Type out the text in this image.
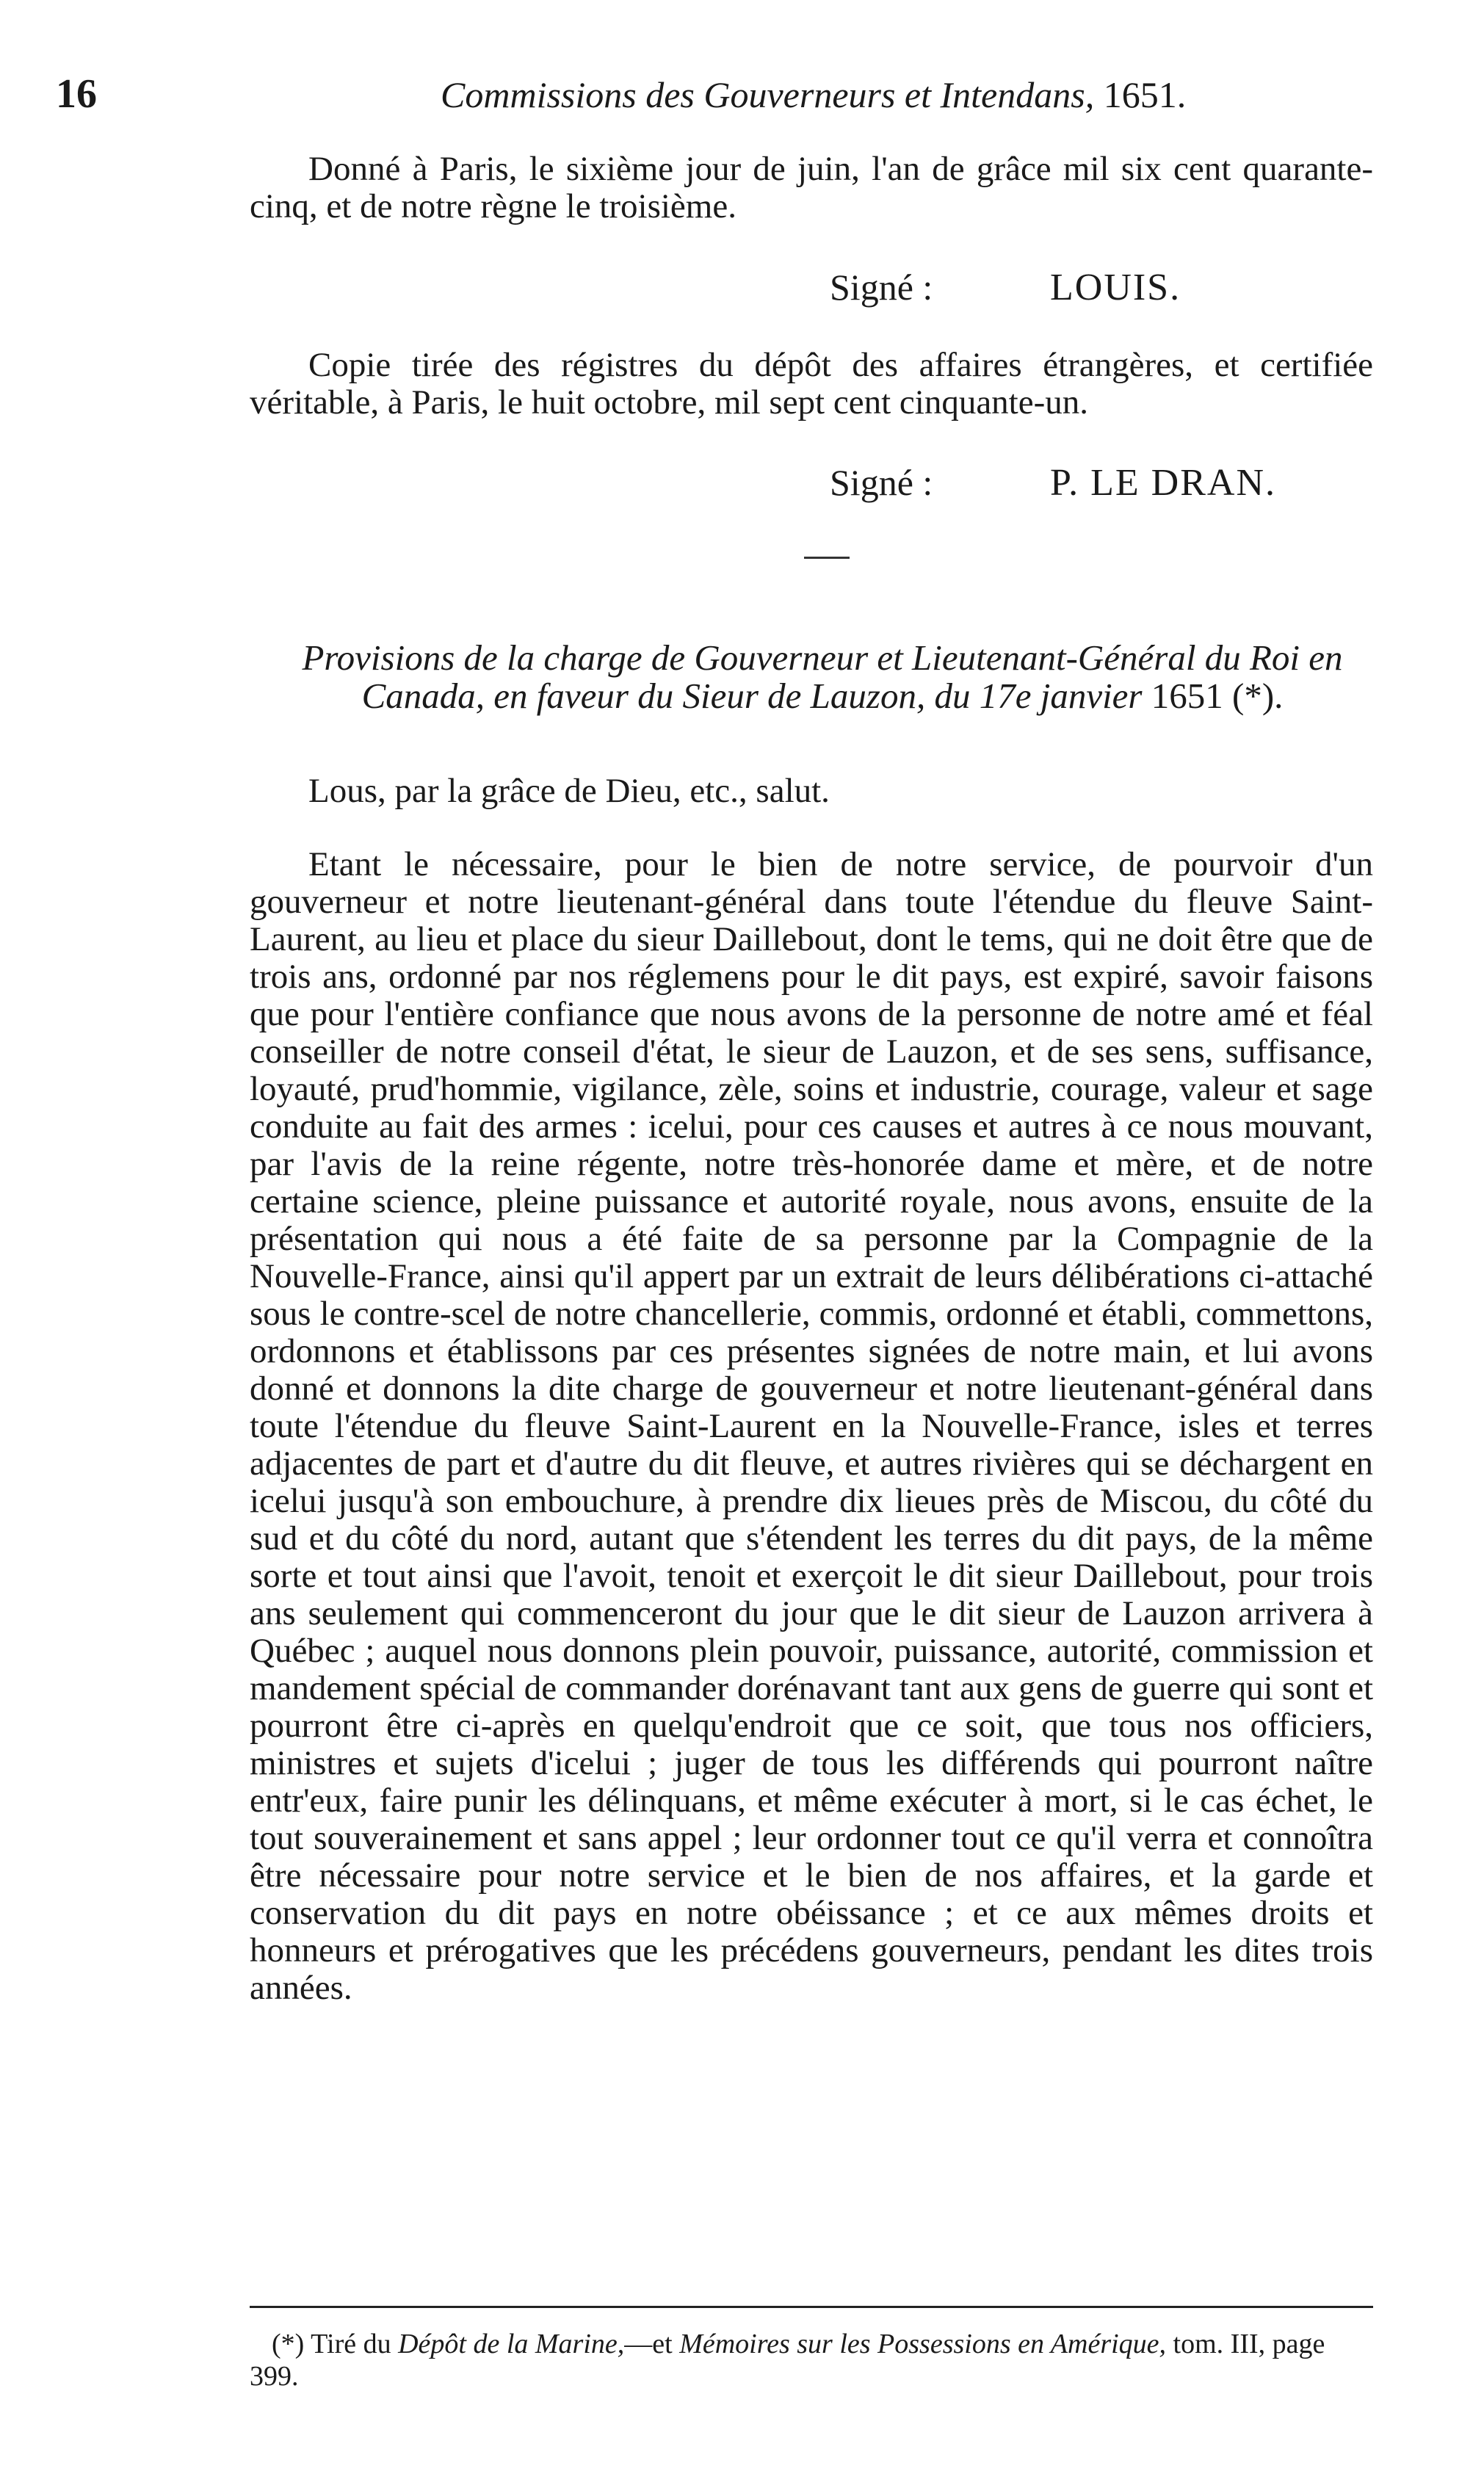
16	Commissions des Gouverneurs et Intendans, 1651.

Donné à Paris, le sixième jour de juin, l'an de grâce mil six cent quarante-cinq, et de notre règne le troisième.

Signé :	LOUIS.

Copie tirée des régistres du dépôt des affaires étrangères, et certifiée véritable, à Paris, le huit octobre, mil sept cent cinquante-un.

Signé :	P. LE DRAN.
Provisions de la charge de Gouverneur et Lieutenant-Général du Roi en Canada, en faveur du Sieur de Lauzon, du 17e janvier 1651 (*).

Lous, par la grâce de Dieu, etc., salut.

Etant le nécessaire, pour le bien de notre service, de pourvoir d'un gouverneur et notre lieutenant-général dans toute l'étendue du fleuve Saint-Laurent, au lieu et place du sieur Daillebout, dont le tems, qui ne doit être que de trois ans, ordonné par nos réglemens pour le dit pays, est expiré, savoir faisons que pour l'entière confiance que nous avons de la personne de notre amé et féal conseiller de notre conseil d'état, le sieur de Lauzon, et de ses sens, suffisance, loyauté, prud'hommie, vigilance, zèle, soins et industrie, courage, valeur et sage conduite au fait des armes : icelui, pour ces causes et autres à ce nous mouvant, par l'avis de la reine régente, notre très-honorée dame et mère, et de notre certaine science, pleine puissance et autorité royale, nous avons, ensuite de la présentation qui nous a été faite de sa personne par la Compagnie de la Nouvelle-France, ainsi qu'il appert par un extrait de leurs délibérations ci-attaché sous le contre-scel de notre chancellerie, commis, ordonné et établi, commettons, ordonnons et établissons par ces présentes signées de notre main, et lui avons donné et donnons la dite charge de gouverneur et notre lieutenant-général dans toute l'étendue du fleuve Saint-Laurent en la Nouvelle-France, isles et terres adjacentes de part et d'autre du dit fleuve, et autres rivières qui se déchargent en icelui jusqu'à son embouchure, à prendre dix lieues près de Miscou, du côté du sud et du côté du nord, autant que s'étendent les terres du dit pays, de la même sorte et tout ainsi que l'avoit, tenoit et exerçoit le dit sieur Daillebout, pour trois ans seulement qui commenceront du jour que le dit sieur de Lauzon arrivera à Québec ; auquel nous donnons plein pouvoir, puissance, autorité, commission et mandement spécial de commander dorénavant tant aux gens de guerre qui sont et pourront être ci-après en quelqu'endroit que ce soit, que tous nos officiers, ministres et sujets d'icelui ; juger de tous les différends qui pourront naître entr'eux, faire punir les délinquans, et même exécuter à mort, si le cas échet, le tout souverainement et sans appel ; leur ordonner tout ce qu'il verra et connoîtra être nécessaire pour notre service et le bien de nos affaires, et la garde et conservation du dit pays en notre obéissance ; et ce aux mêmes droits et honneurs et prérogatives que les précédens gouverneurs, pendant les dites trois années.

(*) Tiré du Dépôt de la Marine,—et Mémoires sur les Possessions en Amérique, tom. III, page 399.
